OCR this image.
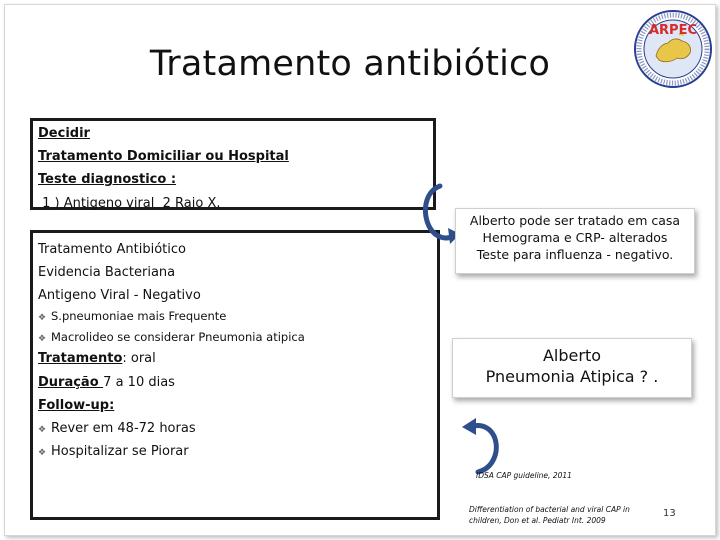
Tratamento antibiótico
ARPEC
Decidir
Tratamento Domiciliar ou Hospital
Teste diagnostico :
1 ) Antigeno viral  2 Raio X.
Tratamento Antibiótico
Evidencia Bacteriana
Antigeno Viral - Negativo
❖ S.pneumoniae mais Frequente
❖ Macrolideo se considerar Pneumonia atipica
Tratamento: oral
Duração 7 a 10 dias
Follow-up:
❖ Rever em 48-72 horas
❖ Hospitalizar se Piorar
Alberto pode ser tratado em casa
Hemograma e CRP- alterados
Teste para influenza - negativo.
Alberto
Pneumonia Atipica ? .
IDSA CAP guideline, 2011
Differentiation of bacterial and viral CAP in
children, Don et al. Pediatr Int. 2009
13
